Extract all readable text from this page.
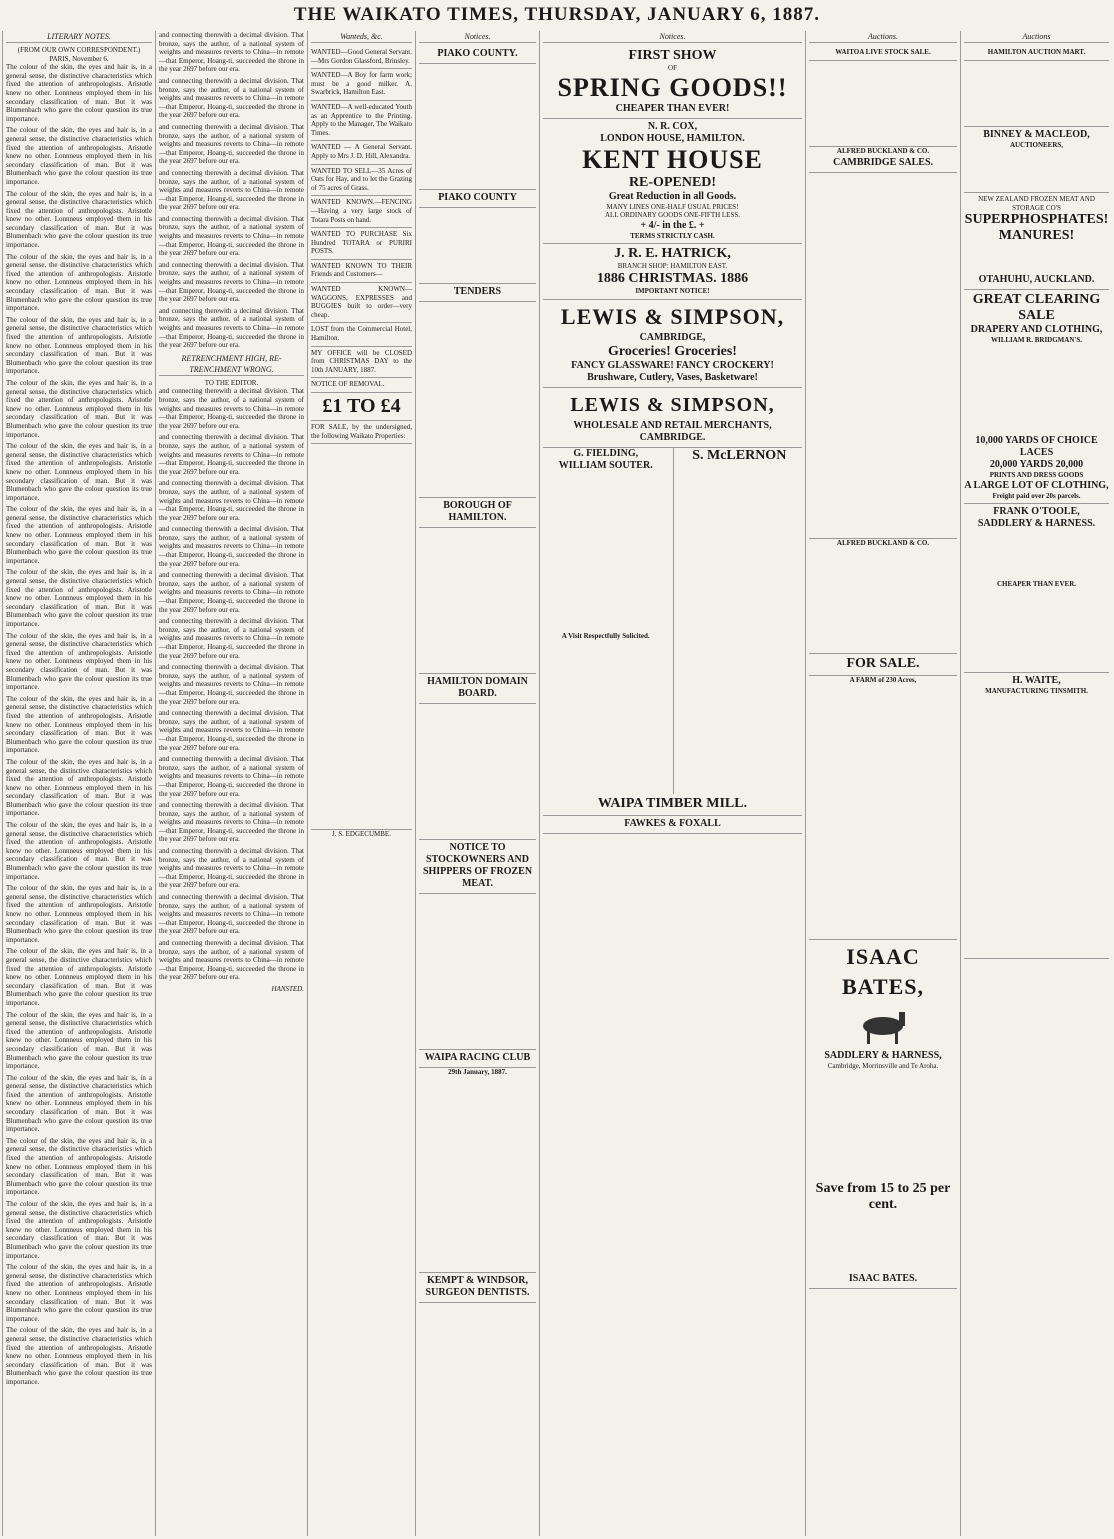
THE WAIKATO TIMES, THURSDAY, JANUARY 6, 1887.
LITERARY NOTES.
(FROM OUR OWN CORRESPONDENT.)
PARIS, November 6.

The colour of the skin, the eyes and hair is, in a general sense, the distinctive characteristics which fixed the attention of anthropologists. Aristotle knew no other. Lonnneus employed them in his secondary classification of man. But it was Blumenbach who gave the colour question its true importance.

The colour of the skin, the eyes and hair is, in a general sense, the distinctive characteristics which fixed the attention of anthropologists. Aristotle knew no other. Lonnneus employed them in his secondary classification of man. But it was Blumenbach who gave the colour question its true importance.

The colour of the skin, the eyes and hair is, in a general sense, the distinctive characteristics which fixed the attention of anthropologists. Aristotle knew no other. Lonnneus employed them in his secondary classification of man. But it was Blumenbach who gave the colour question its true importance.

The colour of the skin, the eyes and hair is, in a general sense, the distinctive characteristics which fixed the attention of anthropologists. Aristotle knew no other. Lonnneus employed them in his secondary classification of man. But it was Blumenbach who gave the colour question its true importance.

The colour of the skin, the eyes and hair is, in a general sense, the distinctive characteristics which fixed the attention of anthropologists. Aristotle knew no other. Lonnneus employed them in his secondary classification of man. But it was Blumenbach who gave the colour question its true importance.

The colour of the skin, the eyes and hair is, in a general sense, the distinctive characteristics which fixed the attention of anthropologists. Aristotle knew no other. Lonnneus employed them in his secondary classification of man. But it was Blumenbach who gave the colour question its true importance.

The colour of the skin, the eyes and hair is, in a general sense, the distinctive characteristics which fixed the attention of anthropologists. Aristotle knew no other. Lonnneus employed them in his secondary classification of man. But it was Blumenbach who gave the colour question its true importance.

The colour of the skin, the eyes and hair is, in a general sense, the distinctive characteristics which fixed the attention of anthropologists. Aristotle knew no other. Lonnneus employed them in his secondary classification of man. But it was Blumenbach who gave the colour question its true importance.

The colour of the skin, the eyes and hair is, in a general sense, the distinctive characteristics which fixed the attention of anthropologists. Aristotle knew no other. Lonnneus employed them in his secondary classification of man. But it was Blumenbach who gave the colour question its true importance.

The colour of the skin, the eyes and hair is, in a general sense, the distinctive characteristics which fixed the attention of anthropologists. Aristotle knew no other. Lonnneus employed them in his secondary classification of man. But it was Blumenbach who gave the colour question its true importance.

The colour of the skin, the eyes and hair is, in a general sense, the distinctive characteristics which fixed the attention of anthropologists. Aristotle knew no other. Lonnneus employed them in his secondary classification of man. But it was Blumenbach who gave the colour question its true importance.

The colour of the skin, the eyes and hair is, in a general sense, the distinctive characteristics which fixed the attention of anthropologists. Aristotle knew no other. Lonnneus employed them in his secondary classification of man. But it was Blumenbach who gave the colour question its true importance.

The colour of the skin, the eyes and hair is, in a general sense, the distinctive characteristics which fixed the attention of anthropologists. Aristotle knew no other. Lonnneus employed them in his secondary classification of man. But it was Blumenbach who gave the colour question its true importance.

The colour of the skin, the eyes and hair is, in a general sense, the distinctive characteristics which fixed the attention of anthropologists. Aristotle knew no other. Lonnneus employed them in his secondary classification of man. But it was Blumenbach who gave the colour question its true importance.

The colour of the skin, the eyes and hair is, in a general sense, the distinctive characteristics which fixed the attention of anthropologists. Aristotle knew no other. Lonnneus employed them in his secondary classification of man. But it was Blumenbach who gave the colour question its true importance.

The colour of the skin, the eyes and hair is, in a general sense, the distinctive characteristics which fixed the attention of anthropologists. Aristotle knew no other. Lonnneus employed them in his secondary classification of man. But it was Blumenbach who gave the colour question its true importance.

The colour of the skin, the eyes and hair is, in a general sense, the distinctive characteristics which fixed the attention of anthropologists. Aristotle knew no other. Lonnneus employed them in his secondary classification of man. But it was Blumenbach who gave the colour question its true importance.

The colour of the skin, the eyes and hair is, in a general sense, the distinctive characteristics which fixed the attention of anthropologists. Aristotle knew no other. Lonnneus employed them in his secondary classification of man. But it was Blumenbach who gave the colour question its true importance.

The colour of the skin, the eyes and hair is, in a general sense, the distinctive characteristics which fixed the attention of anthropologists. Aristotle knew no other. Lonnneus employed them in his secondary classification of man. But it was Blumenbach who gave the colour question its true importance.

The colour of the skin, the eyes and hair is, in a general sense, the distinctive characteristics which fixed the attention of anthropologists. Aristotle knew no other. Lonnneus employed them in his secondary classification of man. But it was Blumenbach who gave the colour question its true importance.

The colour of the skin, the eyes and hair is, in a general sense, the distinctive characteristics which fixed the attention of anthropologists. Aristotle knew no other. Lonnneus employed them in his secondary classification of man. But it was Blumenbach who gave the colour question its true importance.

and connecting therewith a decimal division. That bronze, says the author, of a national system of weights and measures reverts to China—in remote—that Emperor, Hoang-ti, succeeded the throne in the year 2697 before our era.

and connecting therewith a decimal division. That bronze, says the author, of a national system of weights and measures reverts to China—in remote—that Emperor, Hoang-ti, succeeded the throne in the year 2697 before our era.

and connecting therewith a decimal division. That bronze, says the author, of a national system of weights and measures reverts to China—in remote—that Emperor, Hoang-ti, succeeded the throne in the year 2697 before our era.

and connecting therewith a decimal division. That bronze, says the author, of a national system of weights and measures reverts to China—in remote—that Emperor, Hoang-ti, succeeded the throne in the year 2697 before our era.

and connecting therewith a decimal division. That bronze, says the author, of a national system of weights and measures reverts to China—in remote—that Emperor, Hoang-ti, succeeded the throne in the year 2697 before our era.

and connecting therewith a decimal division. That bronze, says the author, of a national system of weights and measures reverts to China—in remote—that Emperor, Hoang-ti, succeeded the throne in the year 2697 before our era.

and connecting therewith a decimal division. That bronze, says the author, of a national system of weights and measures reverts to China—in remote—that Emperor, Hoang-ti, succeeded the throne in the year 2697 before our era.

RETRENCHMENT HIGH, RE-TRENCHMENT WRONG.
TO THE EDITOR.

and connecting therewith a decimal division. That bronze, says the author, of a national system of weights and measures reverts to China—in remote—that Emperor, Hoang-ti, succeeded the throne in the year 2697 before our era.

and connecting therewith a decimal division. That bronze, says the author, of a national system of weights and measures reverts to China—in remote—that Emperor, Hoang-ti, succeeded the throne in the year 2697 before our era.

and connecting therewith a decimal division. That bronze, says the author, of a national system of weights and measures reverts to China—in remote—that Emperor, Hoang-ti, succeeded the throne in the year 2697 before our era.

and connecting therewith a decimal division. That bronze, says the author, of a national system of weights and measures reverts to China—in remote—that Emperor, Hoang-ti, succeeded the throne in the year 2697 before our era.

and connecting therewith a decimal division. That bronze, says the author, of a national system of weights and measures reverts to China—in remote—that Emperor, Hoang-ti, succeeded the throne in the year 2697 before our era.

and connecting therewith a decimal division. That bronze, says the author, of a national system of weights and measures reverts to China—in remote—that Emperor, Hoang-ti, succeeded the throne in the year 2697 before our era.

and connecting therewith a decimal division. That bronze, says the author, of a national system of weights and measures reverts to China—in remote—that Emperor, Hoang-ti, succeeded the throne in the year 2697 before our era.

and connecting therewith a decimal division. That bronze, says the author, of a national system of weights and measures reverts to China—in remote—that Emperor, Hoang-ti, succeeded the throne in the year 2697 before our era.

and connecting therewith a decimal division. That bronze, says the author, of a national system of weights and measures reverts to China—in remote—that Emperor, Hoang-ti, succeeded the throne in the year 2697 before our era.

and connecting therewith a decimal division. That bronze, says the author, of a national system of weights and measures reverts to China—in remote—that Emperor, Hoang-ti, succeeded the throne in the year 2697 before our era.

and connecting therewith a decimal division. That bronze, says the author, of a national system of weights and measures reverts to China—in remote—that Emperor, Hoang-ti, succeeded the throne in the year 2697 before our era.

and connecting therewith a decimal division. That bronze, says the author, of a national system of weights and measures reverts to China—in remote—that Emperor, Hoang-ti, succeeded the throne in the year 2697 before our era.

and connecting therewith a decimal division. That bronze, says the author, of a national system of weights and measures reverts to China—in remote—that Emperor, Hoang-ti, succeeded the throne in the year 2697 before our era.

HANSTED.
Wanteds, &c.
WANTED—Good General Servant.—Mrs Gordon Glassford, Brinsley.
WANTED—A Boy for farm work; must be a good milker. A. Swarbrick, Hamilton East.
WANTED—A well-educated Youth as an Apprentice to the Printing. Apply to the Manager, The Waikato Times.
WANTED — A General Servant. Apply to Mrs J. D. Hill, Alexandra.
WANTED TO SELL—35 Acres of Oats for Hay, and to let the Grazing of 75 acres of Grass.
WANTED KNOWN.—FENCING—Having a very large stock of Totara Posts on hand.
WANTED TO PURCHASE Six Hundred TOTARA or PURIRI POSTS.
WANTED KNOWN TO THEIR Friends and Customers—
WANTED KNOWN—WAGGONS, EXPRESSES and BUGGIES built to order—very cheap.
LOST from the Commercial Hotel, Hamilton.
MY OFFICE will be CLOSED from CHRISTMAS DAY to the 10th JANUARY, 1887.
NOTICE OF REMOVAL.
£1 TO £4
FOR SALE, by the undersigned, the following Waikato Properties:
J. S. EDGECUMBE.
Notices.
PIAKO COUNTY.
PIAKO COUNTY
TENDERS
BOROUGH OF HAMILTON.
HAMILTON DOMAIN BOARD.
NOTICE TO STOCKOWNERS AND SHIPPERS OF FROZEN MEAT.
WAIPA RACING CLUB
29th January, 1887.
KEMPT & WINDSOR, SURGEON DENTISTS.
Notices.
FIRST SHOW
OF
SPRING GOODS!!
CHEAPER THAN EVER!
N. R. COX,
LONDON HOUSE, HAMILTON.
KENT HOUSE
RE-OPENED!
Great Reduction in all Goods.
MANY LINES ONE-HALF USUAL PRICES!
ALL ORDINARY GOODS ONE-FIFTH LESS.
+ 4/- in the £. +
TERMS STRICTLY CASH.
J. R. E. HATRICK,
BRANCH SHOP: HAMILTON EAST.
1886 CHRISTMAS. 1886
IMPORTANT NOTICE!
LEWIS & SIMPSON,
CAMBRIDGE,
Groceries! Groceries!
FANCY GLASSWARE! FANCY CROCKERY!
Brushware, Cutlery, Vases, Basketware!
LEWIS & SIMPSON,
WHOLESALE AND RETAIL MERCHANTS,
CAMBRIDGE.
G. FIELDING,
WILLIAM SOUTER.
A Visit Respectfully Solicited.
S. McLERNON
WAIPA TIMBER MILL.
FAWKES & FOXALL
Auctions.
WAITOA LIVE STOCK SALE.
ALFRED BUCKLAND & CO.
CAMBRIDGE SALES.
ALFRED BUCKLAND & CO.
FOR SALE.
A FARM of 230 Acres,
ISAAC BATES,
SADDLERY & HARNESS,
Cambridge, Morrinsville and Te Aroha.
Save from 15 to 25 per cent.
ISAAC BATES.
Auctions
HAMILTON AUCTION MART.
BINNEY & MACLEOD,
AUCTIONEERS,
NEW ZEALAND FROZEN MEAT AND STORAGE CO'S
SUPERPHOSPHATES!
MANURES!
OTAHUHU, AUCKLAND.
GREAT CLEARING SALE
DRAPERY AND CLOTHING,
WILLIAM R. BRIDGMAN'S.
10,000 YARDS OF CHOICE LACES
20,000 YARDS 20,000
PRINTS AND DRESS GOODS
A LARGE LOT OF CLOTHING,
Freight paid over 20s parcels.
FRANK O'TOOLE,
SADDLERY & HARNESS.
CHEAPER THAN EVER.
H. WAITE,
MANUFACTURING TINSMITH.
